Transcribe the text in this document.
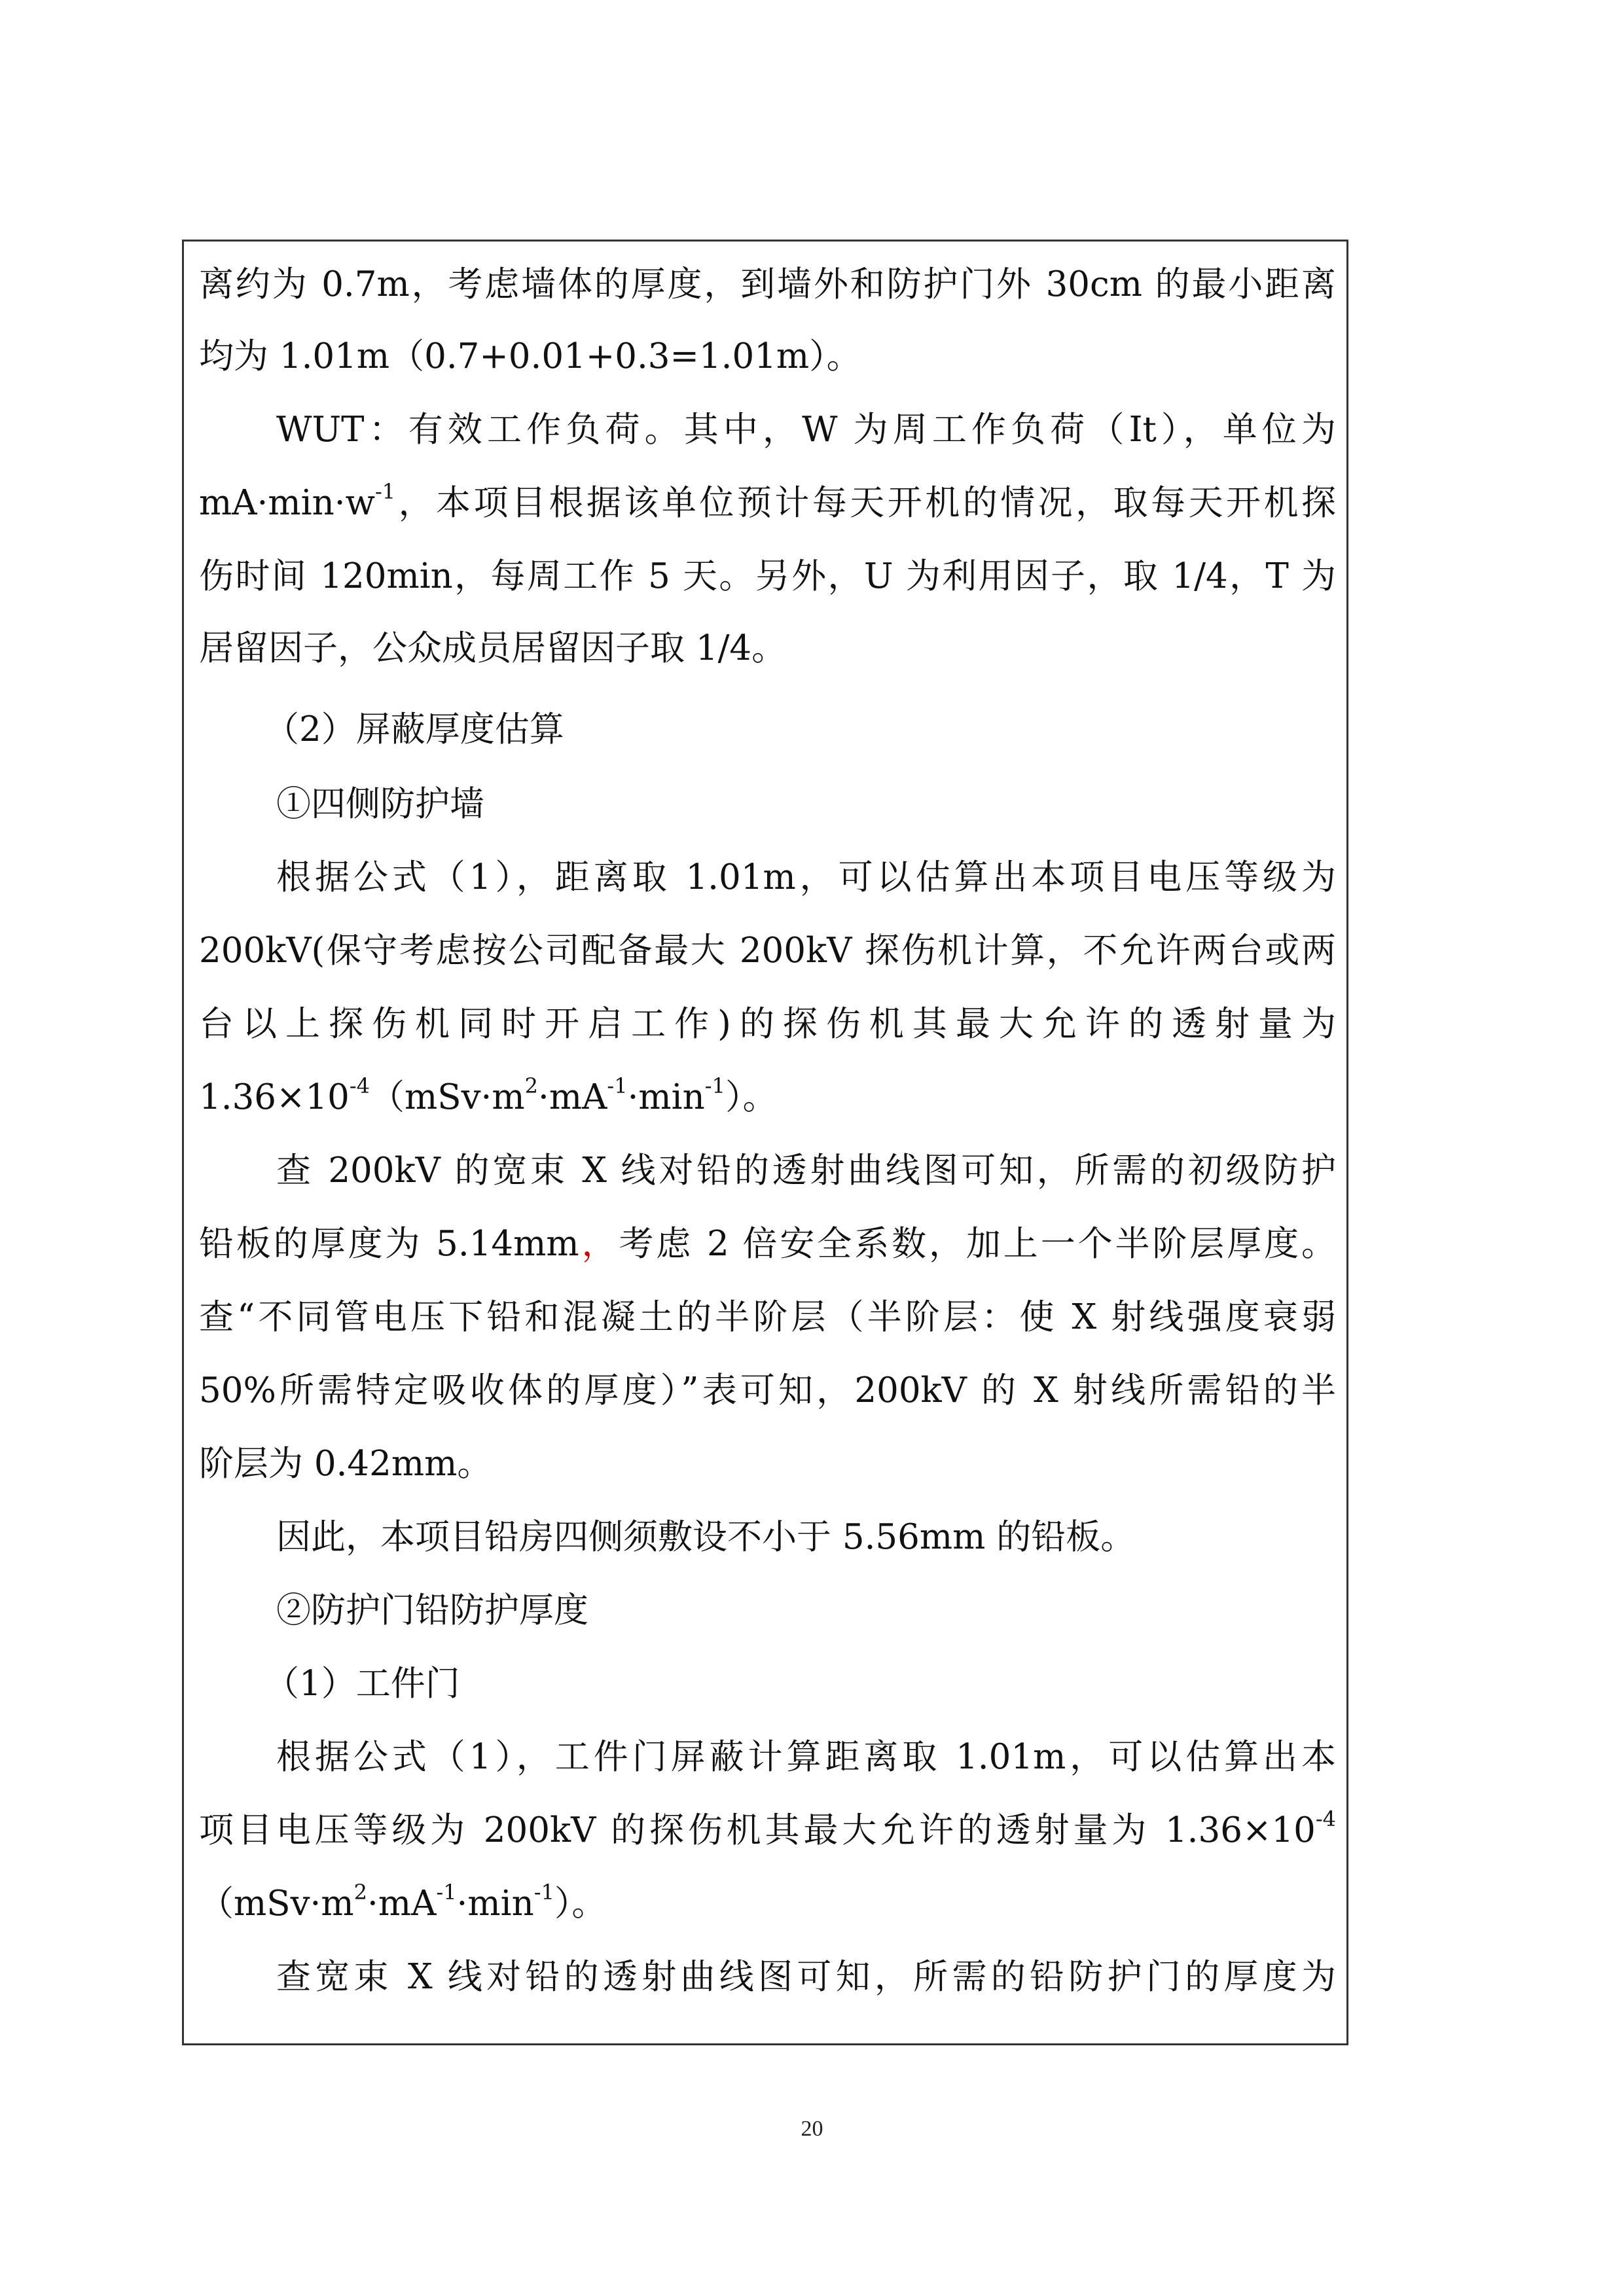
离约为 0.7m，考虑墙体的厚度，到墙外和防护门外 30cm 的最小距离
均为 1.01m（0.7+0.01+0.3=1.01m）。
WUT：有效工作负荷。其中，W 为周工作负荷（It），单位为
$mA\cdot\min\cdot w^{-1}$，本项目根据该单位预计每天开机的情况，取每天开机探
伤时间 120min，每周工作 5 天。另外，U 为利用因子，取 1/4，T 为
居留因子，公众成员居留因子取 1/4。
（2）屏蔽厚度估算
①四侧防护墙
根据公式（1），距离取 1.01m，可以估算出本项目电压等级为
200kV(保守考虑按公司配备最大 200kV 探伤机计算，不允许两台或两
台以上探伤机同时开启工作)的探伤机其最大允许的透射量为
$1.36\times 10^{-4}(mSv\cdot m^2\cdot mA^{-1}\cdot\min^{-1})$。
查 200kV 的宽束 X 线对铅的透射曲线图可知，所需的初级防护
铅板的厚度为 5.14mm，考虑 2 倍安全系数，加上一个半阶层厚度。
查“不同管电压下铅和混凝土的半阶层（半阶层：使 X 射线强度衰弱
50%所需特定吸收体的厚度）”表可知，200kV 的 X 射线所需铅的半
阶层为 0.42mm。
因此，本项目铅房四侧须敷设不小于 5.56mm 的铅板。
②防护门铅防护厚度
（1）工件门
根据公式（1），工件门屏蔽计算距离取 1.01m，可以估算出本
项目电压等级为 200kV 的探伤机其最大允许的透射量为 $1.36\times 10^{-4}$
$(mSv\cdot m^2\cdot mA^{-1}\cdot\min^{-1})$。
查宽束 X 线对铅的透射曲线图可知，所需的铅防护门的厚度为
20
